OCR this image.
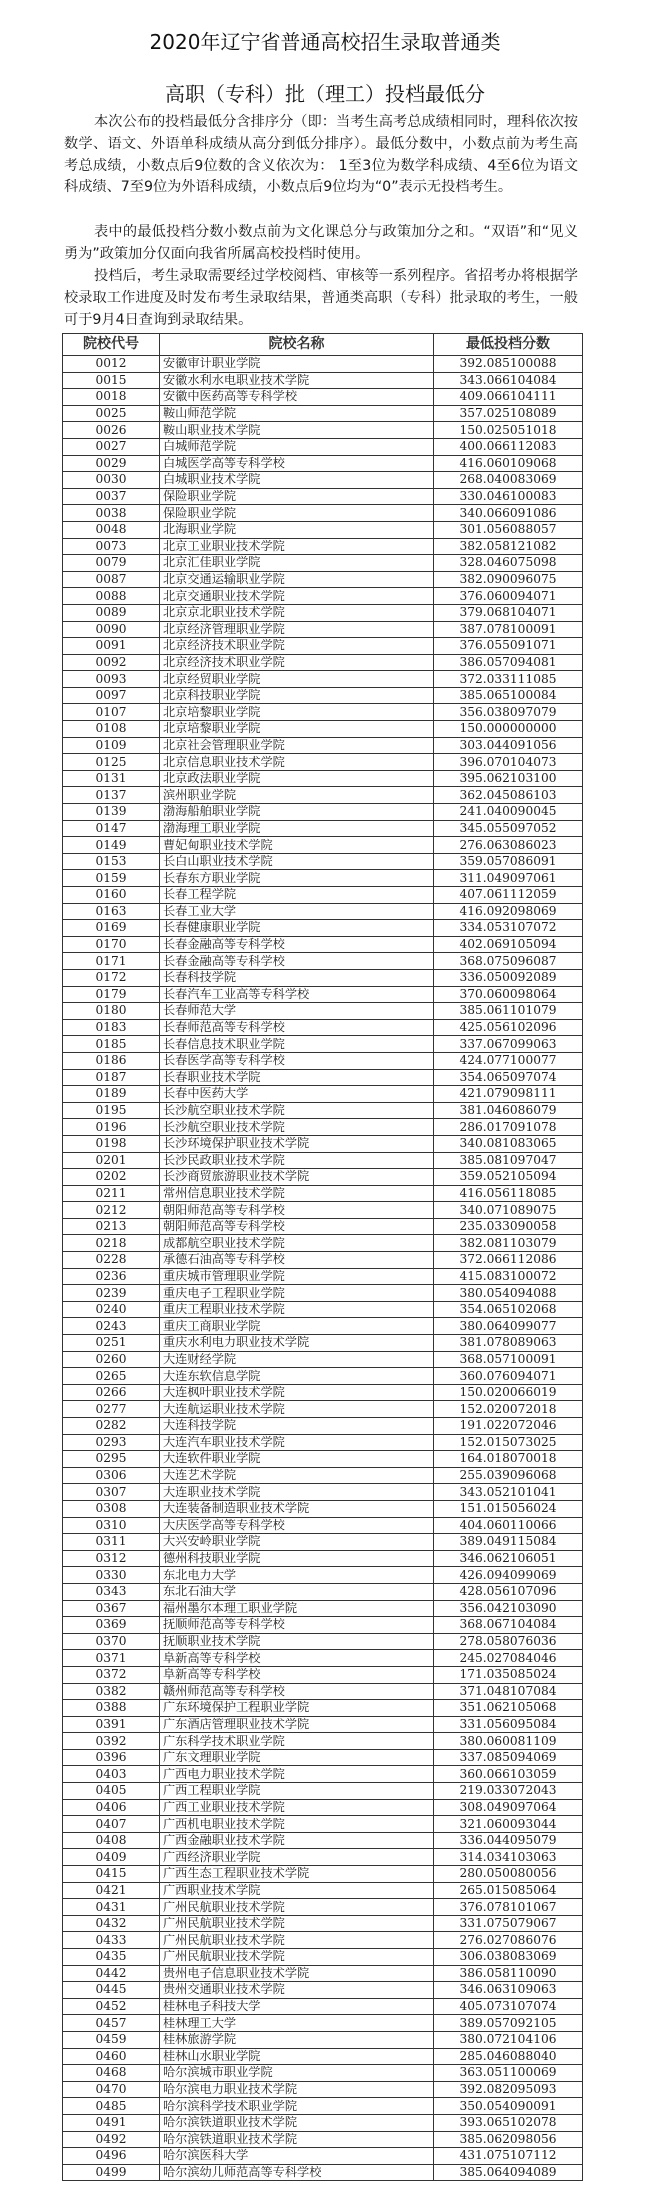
2020年辽宁省普通高校招生录取普通类
高职（专科）批（理工）投档最低分
本次公布的投档最低分含排序分（即：当考生高考总成绩相同时，理科依次按数学、语文、外语单科成绩从高分到低分排序）。最低分数中，小数点前为考生高考总成绩，小数点后9位数的含义依次为： 1至3位为数学科成绩、4至6位为语文科成绩、7至9位为外语科成绩，小数点后9位均为“0”表示无投档考生。
表中的最低投档分数小数点前为文化课总分与政策加分之和。“双语”和“见义勇为”政策加分仅面向我省所属高校投档时使用。
投档后，考生录取需要经过学校阅档、审核等一系列程序。省招考办将根据学校录取工作进度及时发布考生录取结果，普通类高职（专科）批录取的考生，一般可于9月4日查询到录取结果。
院校代号	院校名称	最低投档分数
0012	安徽审计职业学院	392.085100088
0015	安徽水利水电职业技术学院	343.066104084
0018	安徽中医药高等专科学校	409.066104111
0025	鞍山师范学院	357.025108089
0026	鞍山职业技术学院	150.025051018
0027	白城师范学院	400.066112083
0029	白城医学高等专科学校	416.060109068
0030	白城职业技术学院	268.040083069
0037	保险职业学院	330.046100083
0038	保险职业学院	340.066091086
0048	北海职业学院	301.056088057
0073	北京工业职业技术学院	382.058121082
0079	北京汇佳职业学院	328.046075098
0087	北京交通运输职业学院	382.090096075
0088	北京交通职业技术学院	376.060094071
0089	北京京北职业技术学院	379.068104071
0090	北京经济管理职业学院	387.078100091
0091	北京经济技术职业学院	376.055091071
0092	北京经济技术职业学院	386.057094081
0093	北京经贸职业学院	372.033111085
0097	北京科技职业学院	385.065100084
0107	北京培黎职业学院	356.038097079
0108	北京培黎职业学院	150.000000000
0109	北京社会管理职业学院	303.044091056
0125	北京信息职业技术学院	396.070104073
0131	北京政法职业学院	395.062103100
0137	滨州职业学院	362.045086103
0139	渤海船舶职业学院	241.040090045
0147	渤海理工职业学院	345.055097052
0149	曹妃甸职业技术学院	276.063086023
0153	长白山职业技术学院	359.057086091
0159	长春东方职业学院	311.049097061
0160	长春工程学院	407.061112059
0163	长春工业大学	416.092098069
0169	长春健康职业学院	334.053107072
0170	长春金融高等专科学校	402.069105094
0171	长春金融高等专科学校	368.075096087
0172	长春科技学院	336.050092089
0179	长春汽车工业高等专科学校	370.060098064
0180	长春师范大学	385.061101079
0183	长春师范高等专科学校	425.056102096
0185	长春信息技术职业学院	337.067099063
0186	长春医学高等专科学校	424.077100077
0187	长春职业技术学院	354.065097074
0189	长春中医药大学	421.079098111
0195	长沙航空职业技术学院	381.046086079
0196	长沙航空职业技术学院	286.017091078
0198	长沙环境保护职业技术学院	340.081083065
0201	长沙民政职业技术学院	385.081097047
0202	长沙商贸旅游职业技术学院	359.052105094
0211	常州信息职业技术学院	416.056118085
0212	朝阳师范高等专科学校	340.071089075
0213	朝阳师范高等专科学校	235.033090058
0218	成都航空职业技术学院	382.081103079
0228	承德石油高等专科学校	372.066112086
0236	重庆城市管理职业学院	415.083100072
0239	重庆电子工程职业学院	380.054094088
0240	重庆工程职业技术学院	354.065102068
0243	重庆工商职业学院	380.064099077
0251	重庆水利电力职业技术学院	381.078089063
0260	大连财经学院	368.057100091
0265	大连东软信息学院	360.076094071
0266	大连枫叶职业技术学院	150.020066019
0277	大连航运职业技术学院	152.020072018
0282	大连科技学院	191.022072046
0293	大连汽车职业技术学院	152.015073025
0295	大连软件职业学院	164.018070018
0306	大连艺术学院	255.039096068
0307	大连职业技术学院	343.052101041
0308	大连装备制造职业技术学院	151.015056024
0310	大庆医学高等专科学校	404.060110066
0311	大兴安岭职业学院	389.049115084
0312	德州科技职业学院	346.062106051
0330	东北电力大学	426.094099069
0343	东北石油大学	428.056107096
0367	福州墨尔本理工职业学院	356.042103090
0369	抚顺师范高等专科学校	368.067104084
0370	抚顺职业技术学院	278.058076036
0371	阜新高等专科学校	245.027084046
0372	阜新高等专科学校	171.035085024
0382	赣州师范高等专科学校	371.048107084
0388	广东环境保护工程职业学院	351.062105068
0391	广东酒店管理职业技术学院	331.056095084
0392	广东科学技术职业学院	380.060081109
0396	广东文理职业学院	337.085094069
0403	广西电力职业技术学院	360.066103059
0405	广西工程职业学院	219.033072043
0406	广西工业职业技术学院	308.049097064
0407	广西机电职业技术学院	321.060093044
0408	广西金融职业技术学院	336.044095079
0409	广西经济职业学院	314.034103063
0415	广西生态工程职业技术学院	280.050080056
0421	广西职业技术学院	265.015085064
0431	广州民航职业技术学院	376.078101067
0432	广州民航职业技术学院	331.075079067
0433	广州民航职业技术学院	276.027086076
0435	广州民航职业技术学院	306.038083069
0442	贵州电子信息职业技术学院	386.058110090
0445	贵州交通职业技术学院	346.063109063
0452	桂林电子科技大学	405.073107074
0457	桂林理工大学	389.057092105
0459	桂林旅游学院	380.072104106
0460	桂林山水职业学院	285.046088040
0468	哈尔滨城市职业学院	363.051100069
0470	哈尔滨电力职业技术学院	392.082095093
0485	哈尔滨科学技术职业学院	350.054090091
0491	哈尔滨铁道职业技术学院	393.065102078
0492	哈尔滨铁道职业技术学院	385.062098056
0496	哈尔滨医科大学	431.075107112
0499	哈尔滨幼儿师范高等专科学校	385.064094089
